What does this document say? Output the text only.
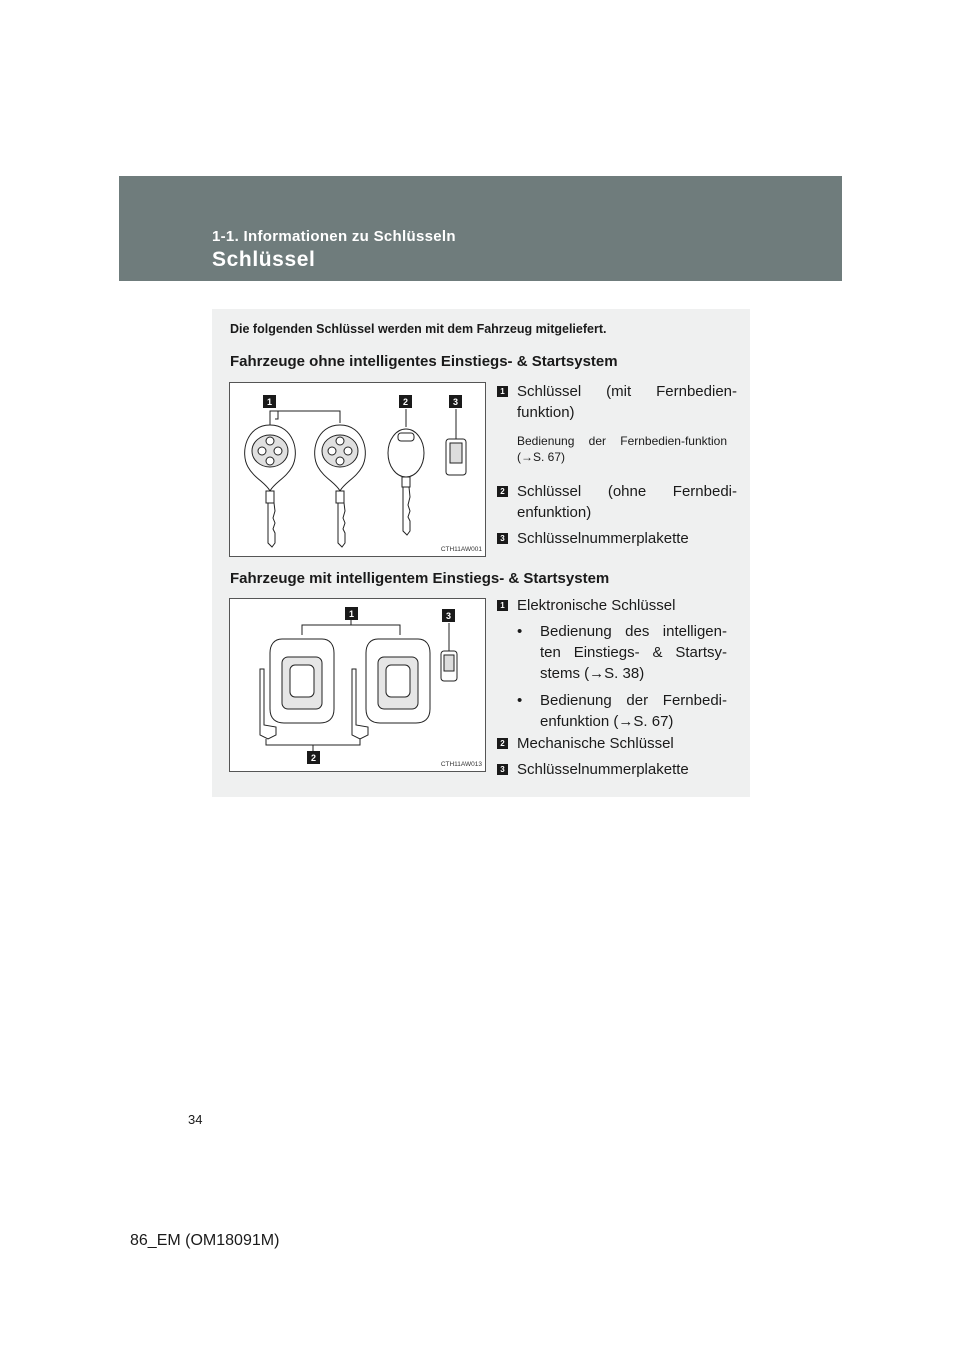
1-1. Informationen zu Schlüsseln
Schlüssel
Die folgenden Schlüssel werden mit dem Fahrzeug mitgeliefert.
Fahrzeuge ohne intelligentes Einstiegs- & Startsystem
1	2	3
CTH11AW001
1 Schlüssel (mit Fernbedien-funktion)
Bedienung der Fernbedien-funktion (→S. 67)
2 Schlüssel (ohne Fernbedi-enfunktion)
3 Schlüsselnummerplakette
Fahrzeuge mit intelligentem Einstiegs- & Startsystem
1	3
2
CTH11AW013
1 Elektronische Schlüssel
•	Bedienung des intelligen-ten Einstiegs- & Startsy-stems (→S. 38)
•	Bedienung der Fernbedi-enfunktion (→S. 67)
2 Mechanische Schlüssel
3 Schlüsselnummerplakette
34
86_EM (OM18091M)
